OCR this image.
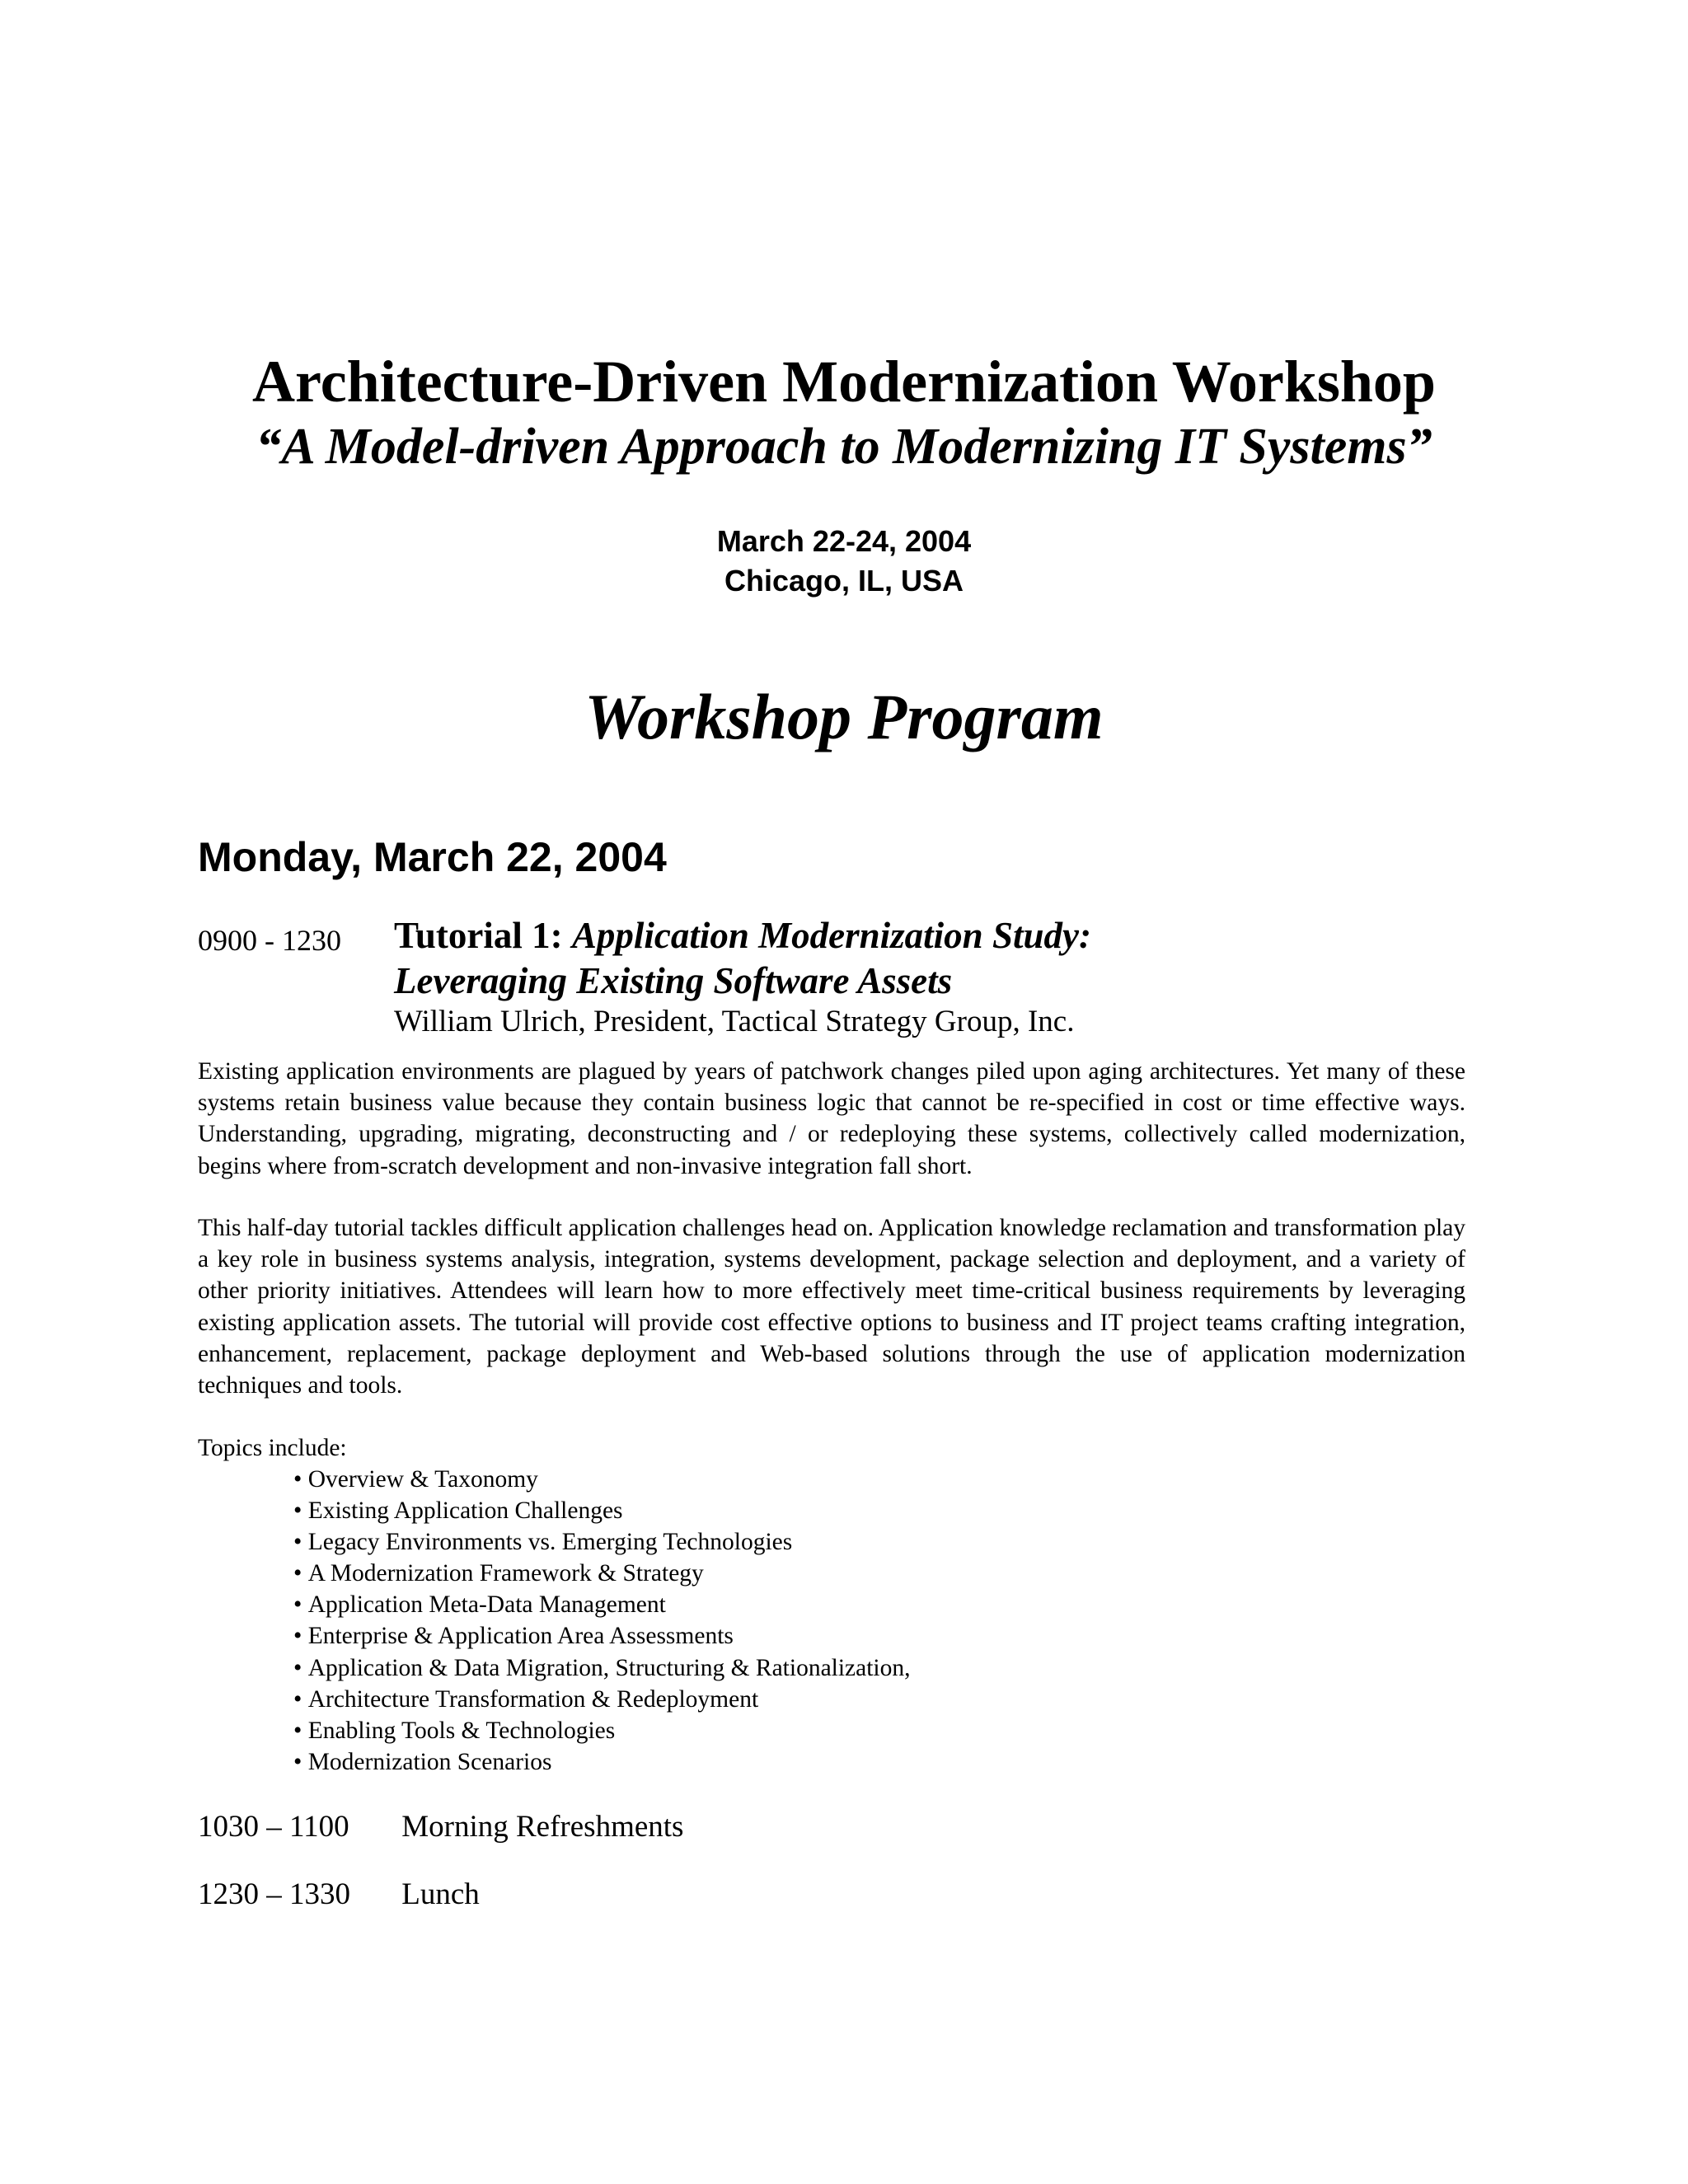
Architecture-Driven Modernization Workshop
“A Model-driven Approach to Modernizing IT Systems”
March 22-24, 2004
Chicago, IL, USA
Workshop Program
Monday, March 22, 2004
0900 - 1230 Tutorial 1: Application Modernization Study:
Leveraging Existing Software Assets
William Ulrich, President, Tactical Strategy Group, Inc.

Existing application environments are plagued by years of patchwork changes piled upon aging architectures. Yet many of these systems retain business value because they contain business logic that cannot be re-specified in cost or time effective ways. Understanding, upgrading, migrating, deconstructing and / or redeploying these systems, collectively called modernization, begins where from-scratch development and non-invasive integration fall short.

This half-day tutorial tackles difficult application challenges head on. Application knowledge reclamation and transformation play a key role in business systems analysis, integration, systems development, package selection and deployment, and a variety of other priority initiatives. Attendees will learn how to more effectively meet time-critical business requirements by leveraging existing application assets. The tutorial will provide cost effective options to business and IT project teams crafting integration, enhancement, replacement, package deployment and Web-based solutions through the use of application modernization techniques and tools.

Topics include:
• Overview & Taxonomy
• Existing Application Challenges
• Legacy Environments vs. Emerging Technologies
• A Modernization Framework & Strategy
• Application Meta-Data Management
• Enterprise & Application Area Assessments
• Application & Data Migration, Structuring & Rationalization,
• Architecture Transformation & Redeployment
• Enabling Tools & Technologies
• Modernization Scenarios
1030 – 1100 Morning Refreshments
1230 – 1330 Lunch
